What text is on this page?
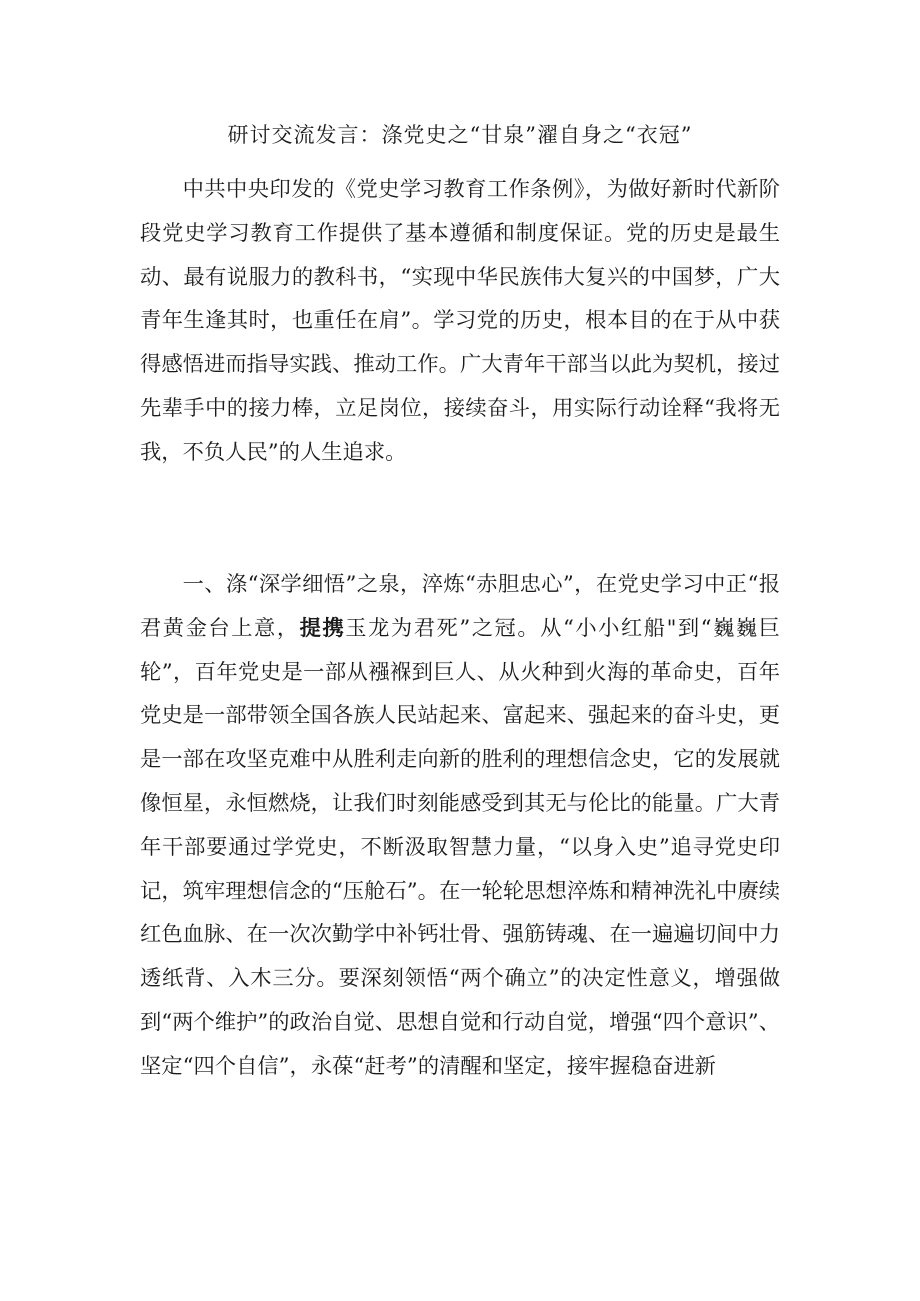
研讨交流发言：涤党史之“甘泉”濯自身之“衣冠”

中共中央印发的《党史学习教育工作条例》，为做好新时代新阶段党史学习教育工作提供了基本遵循和制度保证。党的历史是最生动、最有说服力的教科书，“实现中华民族伟大复兴的中国梦，广大青年生逢其时，也重任在肩”。学习党的历史，根本目的在于从中获得感悟进而指导实践、推动工作。广大青年干部当以此为契机，接过先辈手中的接力棒，立足岗位，接续奋斗，用实际行动诠释“我将无我，不负人民”的人生追求。

一、涤“深学细悟”之泉，淬炼“赤胆忠心”，在党史学习中正“报君黄金台上意，提携玉龙为君死”之冠。从“小小红船"到“巍巍巨轮”，百年党史是一部从襁褓到巨人、从火种到火海的革命史，百年党史是一部带领全国各族人民站起来、富起来、强起来的奋斗史，更是一部在攻坚克难中从胜利走向新的胜利的理想信念史，它的发展就像恒星，永恒燃烧，让我们时刻能感受到其无与伦比的能量。广大青年干部要通过学党史，不断汲取智慧力量，“以身入史”追寻党史印记，筑牢理想信念的“压舱石”。在一轮轮思想淬炼和精神洗礼中赓续红色血脉、在一次次勤学中补钙壮骨、强筋铸魂、在一遍遍切间中力透纸背、入木三分。要深刻领悟“两个确立”的决定性意义，增强做到“两个维护”的政治自觉、思想自觉和行动自觉，增强“四个意识”、坚定“四个自信”，永葆“赶考”的清醒和坚定，接牢握稳奋进新
